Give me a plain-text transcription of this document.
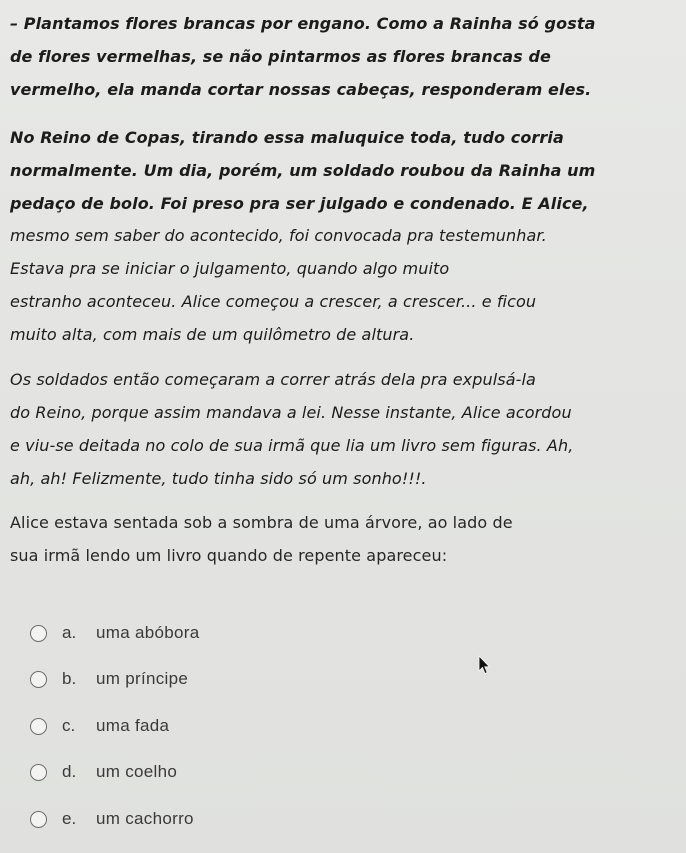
– Plantamos flores brancas por engano. Como a Rainha só gosta

de flores vermelhas, se não pintarmos as flores brancas de

vermelho, ela manda cortar nossas cabeças, responderam eles.

No Reino de Copas, tirando essa maluquice toda, tudo corria

normalmente. Um dia, porém, um soldado roubou da Rainha um

pedaço de bolo. Foi preso pra ser julgado e condenado. E Alice,

mesmo sem saber do acontecido, foi convocada pra testemunhar.

Estava pra se iniciar o julgamento, quando algo muito

estranho aconteceu. Alice começou a crescer, a crescer... e ficou

muito alta, com mais de um quilômetro de altura.

Os soldados então começaram a correr atrás dela pra expulsá-la

do Reino, porque assim mandava a lei. Nesse instante, Alice acordou

e viu-se deitada no colo de sua irmã que lia um livro sem figuras. Ah,

ah, ah! Felizmente, tudo tinha sido só um sonho!!!.

Alice estava sentada sob a sombra de uma árvore, ao lado de

sua irmã lendo um livro quando de repente apareceu:

a.	uma abóbora
b.	um príncipe
c.	uma fada
d.	um coelho
e.	um cachorro
